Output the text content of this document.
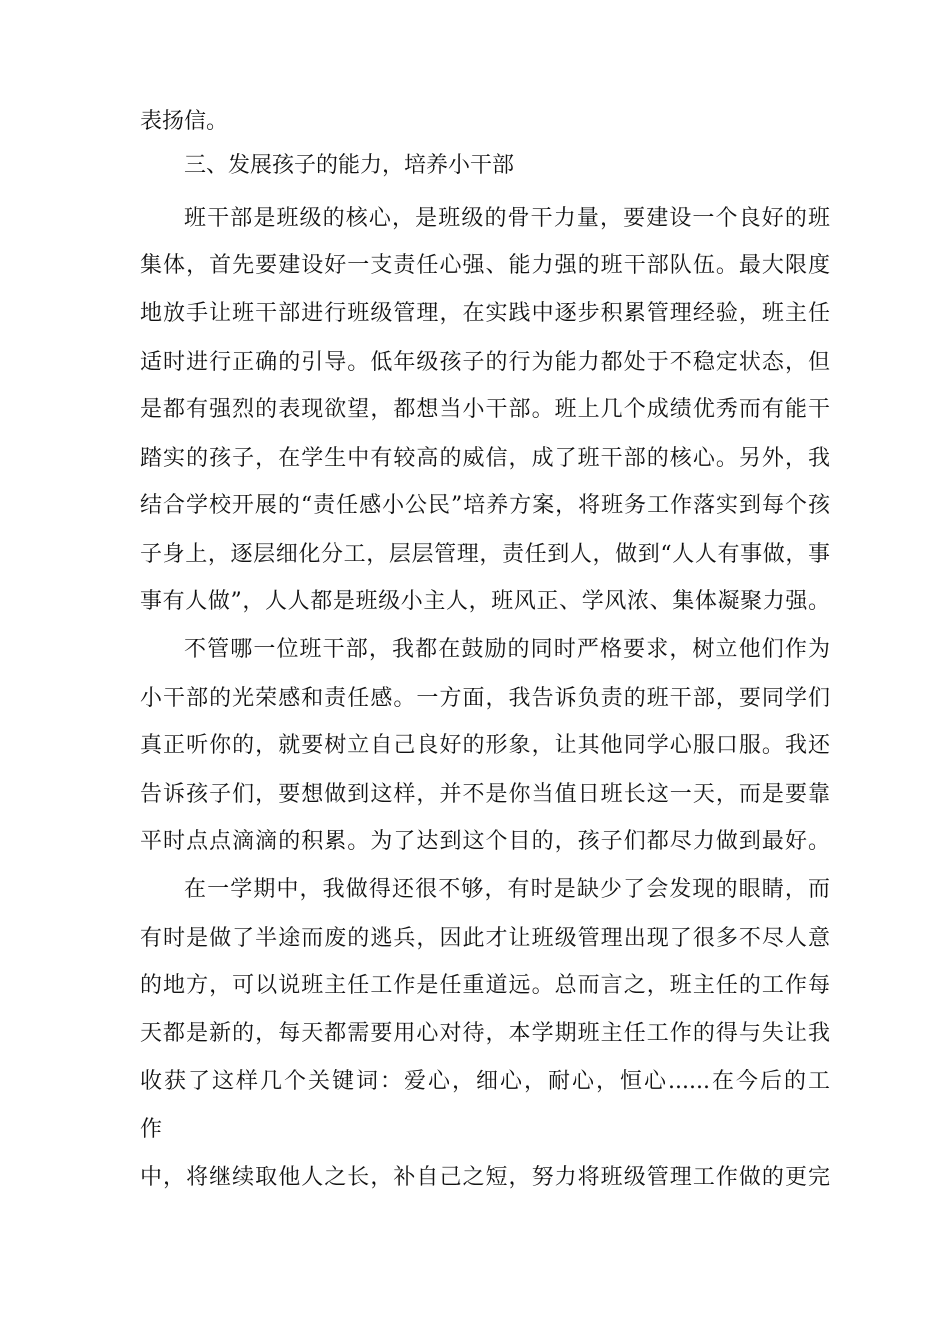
表扬信。
三、发展孩子的能力，培养小干部
班干部是班级的核心，是班级的骨干力量，要建设一个良好的班
集体，首先要建设好一支责任心强、能力强的班干部队伍。最大限度
地放手让班干部进行班级管理，在实践中逐步积累管理经验，班主任
适时进行正确的引导。低年级孩子的行为能力都处于不稳定状态，但
是都有强烈的表现欲望，都想当小干部。班上几个成绩优秀而有能干
踏实的孩子，在学生中有较高的威信，成了班干部的核心。另外，我
结合学校开展的“责任感小公民”培养方案，将班务工作落实到每个孩
子身上，逐层细化分工，层层管理，责任到人，做到“人人有事做，事
事有人做”，人人都是班级小主人，班风正、学风浓、集体凝聚力强。
不管哪一位班干部，我都在鼓励的同时严格要求，树立他们作为
小干部的光荣感和责任感。一方面，我告诉负责的班干部，要同学们
真正听你的，就要树立自己良好的形象，让其他同学心服口服。我还
告诉孩子们，要想做到这样，并不是你当值日班长这一天，而是要靠
平时点点滴滴的积累。为了达到这个目的，孩子们都尽力做到最好。
在一学期中，我做得还很不够，有时是缺少了会发现的眼睛，而
有时是做了半途而废的逃兵，因此才让班级管理出现了很多不尽人意
的地方，可以说班主任工作是任重道远。总而言之，班主任的工作每
天都是新的，每天都需要用心对待，本学期班主任工作的得与失让我
收获了这样几个关键词：爱心，细心，耐心，恒心......在今后的工
作
中，将继续取他人之长，补自己之短，努力将班级管理工作做的更完
